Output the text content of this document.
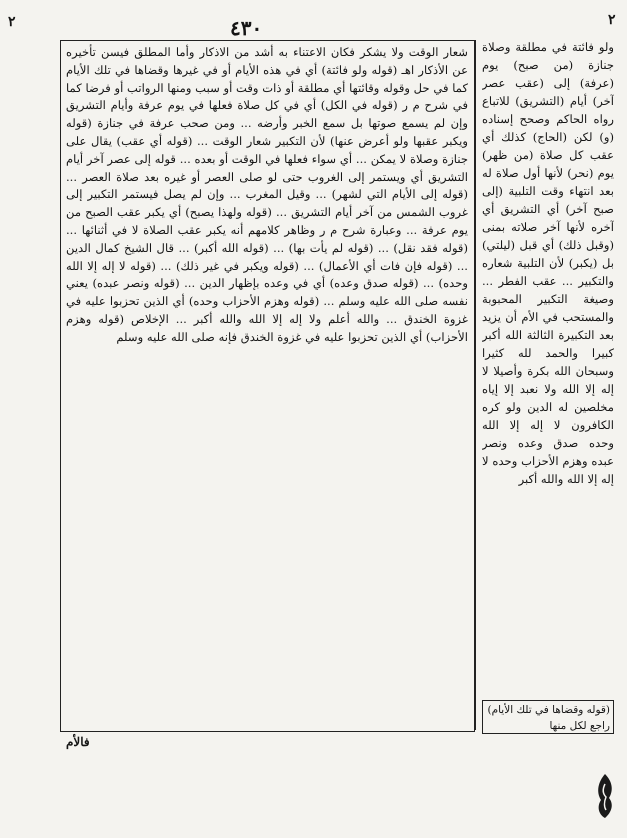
٢	٢
٤٣٠
شعار الوقت ولا يشكر فكان الاعتناء به أشد من الاذكار وأما المطلق فيسن تأخيره عن الأذكار اهـ (قوله ولو فائتة) أي في هذه الأيام أو في غيرها وقضاها في تلك الأيام كما في حل وقوله وقائتها أي مطلقة أو ذات وقت أو سبب ومنها الرواتب أو فرضا كما في شرح م ر (قوله في الكل) أي في كل صلاة فعلها في يوم عرفة وأيام التشريق وإن لم يسمع صوتها بل سمع الخبر وأرضه ... ومن صحب عرفة في جنازة (قوله ويكبر عقبها ولو أعرض عنها) لأن التكبير شعار الوقت ... (قوله أي عقب) يقال على جنازة وصلاة لا يمكن ... أي سواء فعلها في الوقت أو بعده ... قوله إلى عصر آخر أيام التشريق أي ويستمر إلى الغروب حتى لو صلى العصر أو غيره بعد صلاة العصر ... (قوله إلى الأيام التي لشهر) ... وقيل المغرب ... وإن لم يصل فيستمر التكبير إلى غروب الشمس من آخر أيام التشريق ... (قوله ولهذا يصبح) أي يكبر عقب الصبح من يوم عرفة ... وعبارة شرح م ر وظاهر كلامهم أنه يكبر عقب الصلاة لا في أثنائها ... (قوله فقد نقل) ... (قوله لم يأت بها) ... (قوله الله أكبر) ... قال الشيخ كمال الدين ... (قوله فإن فات أي الأعمال) ... (قوله ويكبر في غير ذلك) ... (قوله لا إله إلا الله وحده) ... (قوله صدق وعده) أي في وعده بإظهار الدين ... (قوله ونصر عبده) يعني نفسه صلى الله عليه وسلم ... (قوله وهزم الأحزاب وحده) أي الذين تحزبوا عليه في غزوة الخندق ... والله أعلم ولا إله إلا الله والله أكبر ... الإخلاص (قوله وهزم الأحزاب) أي الذين تحزبوا عليه في غزوة الخندق فإنه صلى الله عليه وسلم
ولو فائتة في مطلقة وصلاة جنازة (من صبح) يوم (عرفة) إلى (عقب عصر آخر) أيام (التشريق) للاتباع رواه الحاكم وصحح إسناده (و) لكن (الحاج) كذلك أي عقب كل صلاة (من ظهر) يوم (نحر) لأنها أول صلاة له بعد انتهاء وقت التلبية (إلى صبح آخر) أي التشريق أي آخره لأنها آخر صلاته بمنى (وقبل ذلك) أي قبل (ليلتي) بل (يكبر) لأن التلبية شعاره والتكبير ... عقب الفطر ... وصيغة التكبير المحبوبة والمستحب في الأم أن يزيد بعد التكبيرة الثالثة الله أكبر كبيرا والحمد لله كثيرا وسبحان الله بكرة وأصيلا لا إله إلا الله ولا نعبد إلا إياه مخلصين له الدين ولو كره الكافرون لا إله إلا الله وحده صدق وعده ونصر عبده وهزم الأحزاب وحده لا إله إلا الله والله أكبر
(قوله وقضاها في تلك الأيام) راجع لكل منها
فالأم
